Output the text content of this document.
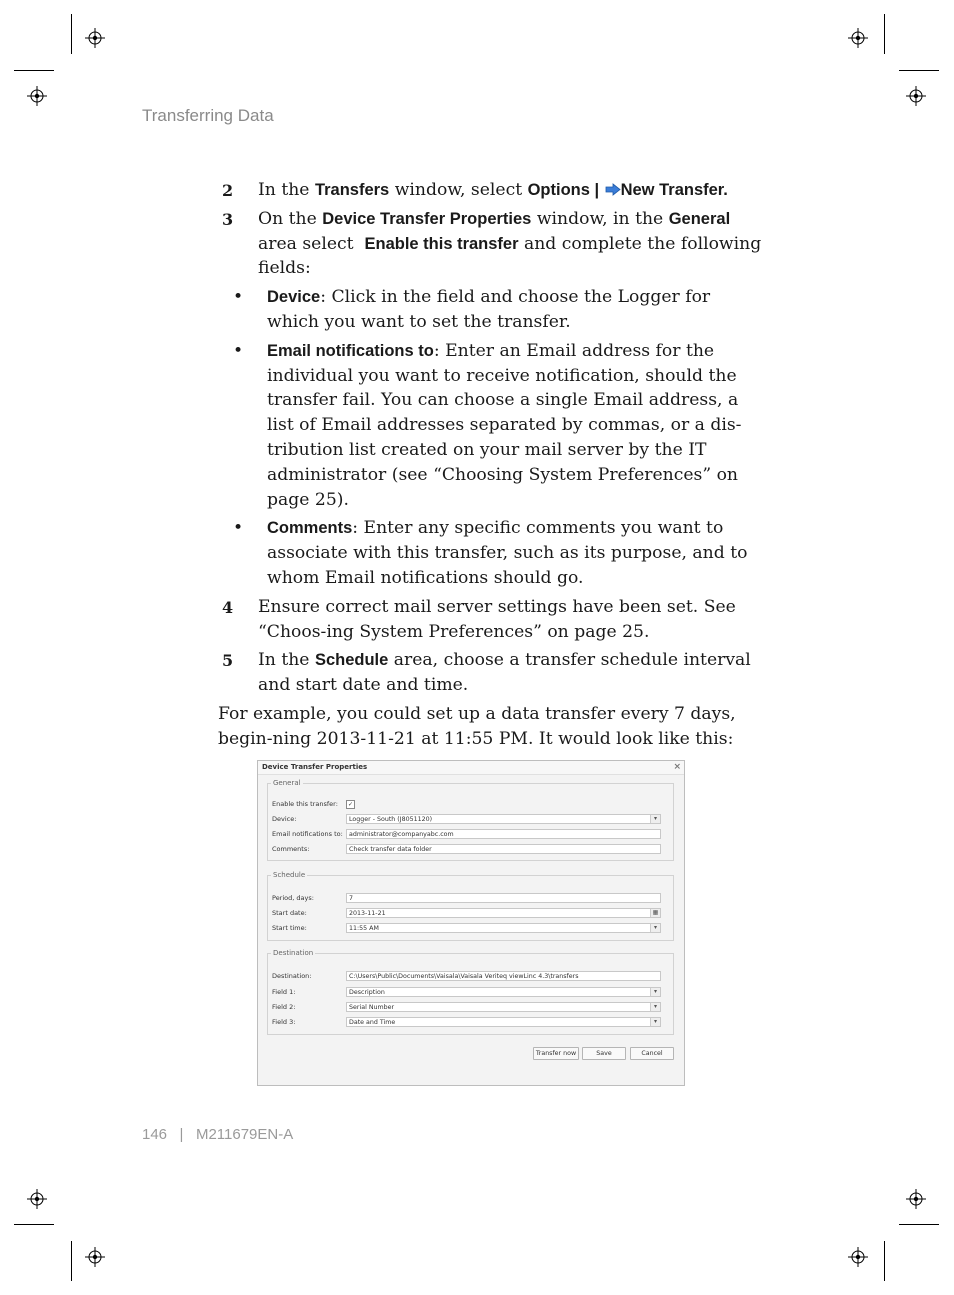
Transferring Data
2 In the Transfers window, select Options | New Transfer.
3 On the Device Transfer Properties window, in the General area select  Enable this transfer and complete the following fields:
• Device: Click in the field and choose the Logger for which you want to set the transfer.
• Email notifications to: Enter an Email address for the individual you want to receive notification, should the transfer fail. You can choose a single Email address, a list of Email addresses separated by commas, or a dis-tribution list created on your mail server by the IT administrator (see “Choosing System Preferences” on page 25).
• Comments: Enter any specific comments you want to associate with this transfer, such as its purpose, and to whom Email notifications should go.
4 Ensure correct mail server settings have been set. See “Choos-ing System Preferences” on page 25.
5 In the Schedule area, choose a transfer schedule interval and start date and time.
For example, you could set up a data transfer every 7 days, begin-ning 2013-11-21 at 11:55 PM. It would look like this:
Device Transfer Properties	×
General
Enable this transfer:	✓
Device:	Logger - South (J8051120)	▾
Email notifications to: administrator@companyabc.com
Comments:	Check transfer data folder
Schedule
Period, days:	7
Start date:	2013-11-21	▦
Start time:	11:55 AM	▾
Destination
Destination:	C:\Users\Public\Documents\Vaisala\Vaisala Veriteq viewLinc 4.3\transfers
Field 1:	Description	▾
Field 2:	Serial Number	▾
Field 3:	Date and Time	▾
Transfer now	Save	Cancel
146 | M211679EN-A
